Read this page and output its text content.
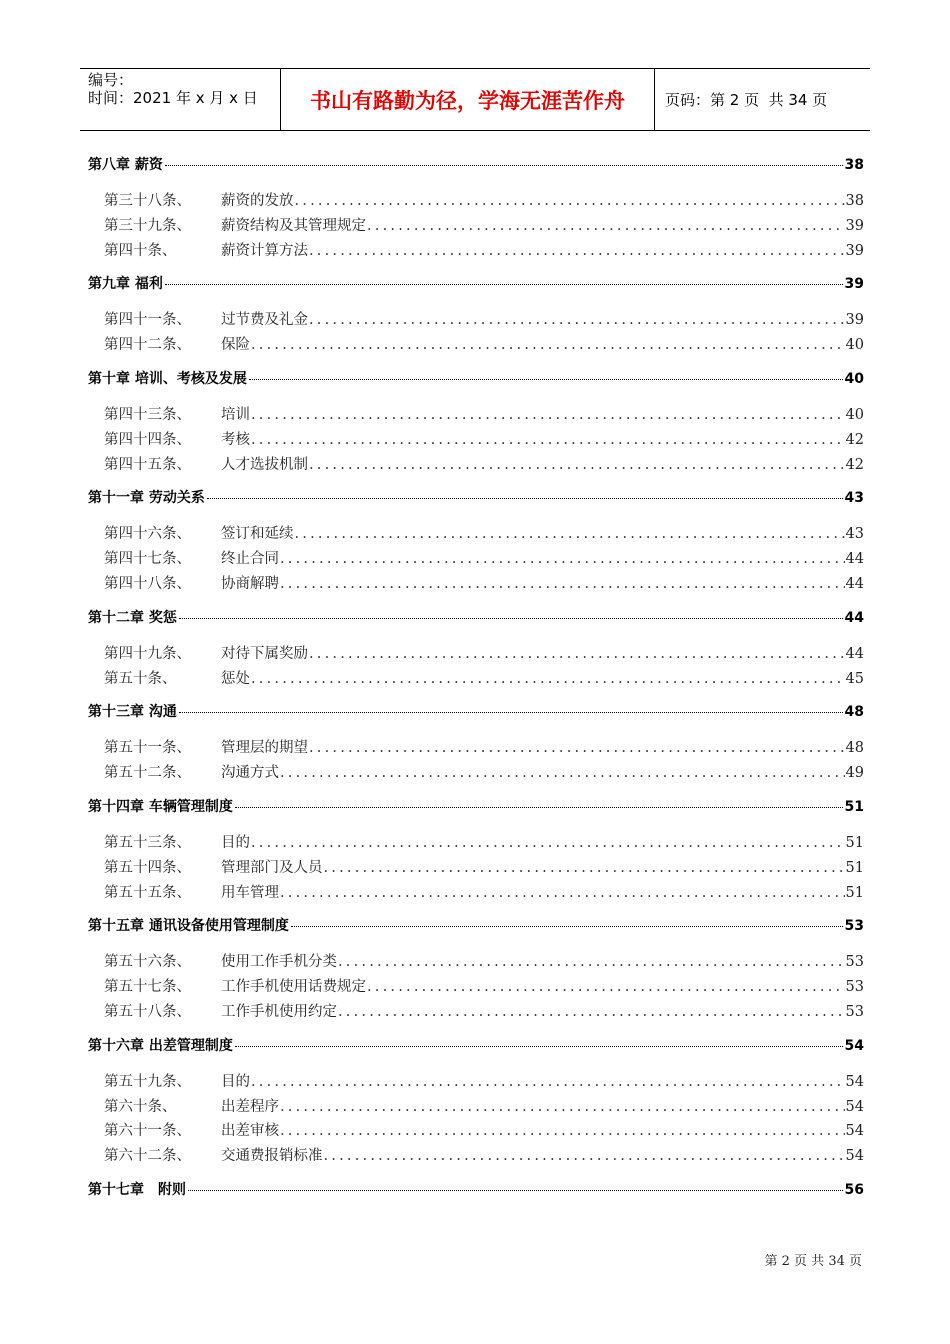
编号：
时间：2021 年 x 月 x 日	书山有路勤为径，学海无涯苦作舟	页码：第 2 页  共 34 页
第八章 薪资	38
第三十八条、	薪资的发放 .....	38
第三十九条、	薪资结构及其管理规定 .....	39
第四十条、	薪资计算方法 .....	39
第九章 福利	39
第四十一条、	过节费及礼金 .....	39
第四十二条、	保险 .....	40
第十章 培训、考核及发展	40
第四十三条、	培训 .....	40
第四十四条、	考核 .....	42
第四十五条、	人才选拔机制 .....	42
第十一章 劳动关系	43
第四十六条、	签订和延续 .....	43
第四十七条、	终止合同 .....	44
第四十八条、	协商解聘 .....	44
第十二章 奖惩	44
第四十九条、	对待下属奖励 .....	44
第五十条、	惩处 .....	45
第十三章 沟通	48
第五十一条、	管理层的期望 .....	48
第五十二条、	沟通方式 .....	49
第十四章 车辆管理制度	51
第五十三条、	目的 .....	51
第五十四条、	管理部门及人员 .....	51
第五十五条、	用车管理 .....	51
第十五章 通讯设备使用管理制度	53
第五十六条、	使用工作手机分类 .....	53
第五十七条、	工作手机使用话费规定 .....	53
第五十八条、	工作手机使用约定 .....	53
第十六章 出差管理制度	54
第五十九条、	目的 .....	54
第六十条、	出差程序 .....	54
第六十一条、	出差审核 .....	54
第六十二条、	交通费报销标准 .....	54
第十七章　附则	56
第 2 页 共 34 页
